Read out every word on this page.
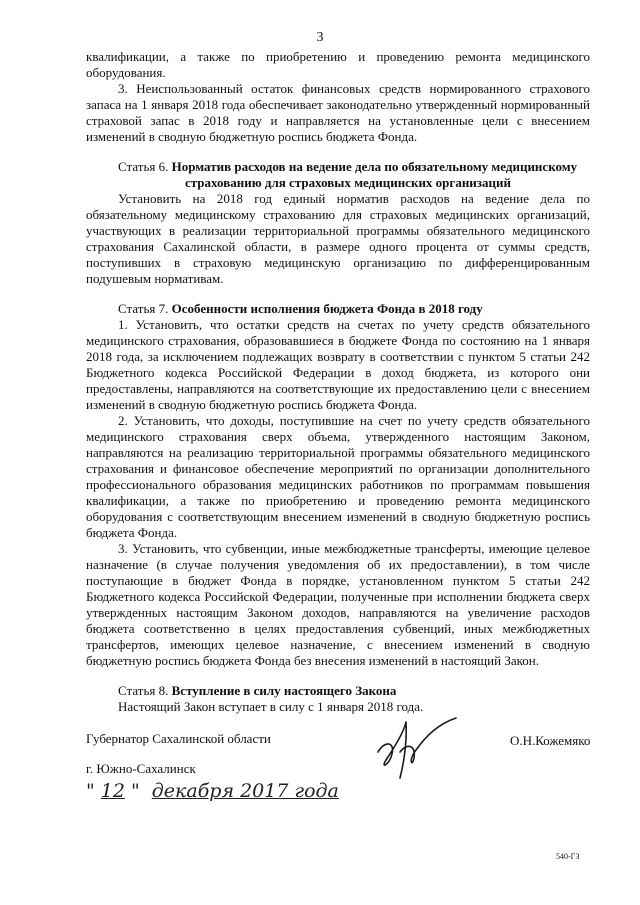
3

квалификации, а также по приобретению и проведению ремонта медицинского оборудования.

3. Неиспользованный остаток финансовых средств нормированного страхового запаса на 1 января 2018 года обеспечивает законодательно утвержденный нормированный страховой запас в 2018 году и направляется на установленные цели с внесением изменений в сводную бюджетную роспись бюджета Фонда.

Статья 6. Норматив расходов на ведение дела по обязательному медицинскому

страхованию для страховых медицинских организаций

Установить на 2018 год единый норматив расходов на ведение дела по обязательному медицинскому страхованию для страховых медицинских организаций, участвующих в реализации территориальной программы обязательного медицинского страхования Сахалинской области, в размере одного процента от суммы средств, поступивших в страховую медицинскую организацию по дифференцированным подушевым нормативам.

Статья 7. Особенности исполнения бюджета Фонда в 2018 году

1. Установить, что остатки средств на счетах по учету средств обязательного медицинского страхования, образовавшиеся в бюджете Фонда по состоянию на 1 января 2018 года, за исключением подлежащих возврату в соответствии с пунктом 5 статьи 242 Бюджетного кодекса Российской Федерации в доход бюджета, из которого они предоставлены, направляются на соответствующие их предоставлению цели с внесением изменений в сводную бюджетную роспись бюджета Фонда.

2. Установить, что доходы, поступившие на счет по учету средств обязательного медицинского страхования сверх объема, утвержденного настоящим Законом, направляются на реализацию территориальной программы обязательного медицинского страхования и финансовое обеспечение мероприятий по организации дополнительного профессионального образования медицинских работников по программам повышения квалификации, а также по приобретению и проведению ремонта медицинского оборудования с соответствующим внесением изменений в сводную бюджетную роспись бюджета Фонда.

3. Установить, что субвенции, иные межбюджетные трансферты, имеющие целевое назначение (в случае получения уведомления об их предоставлении), в том числе поступающие в бюджет Фонда в порядке, установленном пунктом 5 статьи 242 Бюджетного кодекса Российской Федерации, полученные при исполнении бюджета сверх утвержденных настоящим Законом доходов, направляются на увеличение расходов бюджета соответственно в целях предоставления субвенций, иных межбюджетных трансфертов, имеющих целевое назначение, с внесением изменений в сводную бюджетную роспись бюджета Фонда без внесения изменений в настоящий Закон.

Статья 8. Вступление в силу настоящего Закона

Настоящий Закон вступает в силу с 1 января 2018 года.

Губернатор Сахалинской области	О.Н.Кожемяко
г. Южно-Сахалинск
" 12 " декабря 2017 года
540-ГЗ
